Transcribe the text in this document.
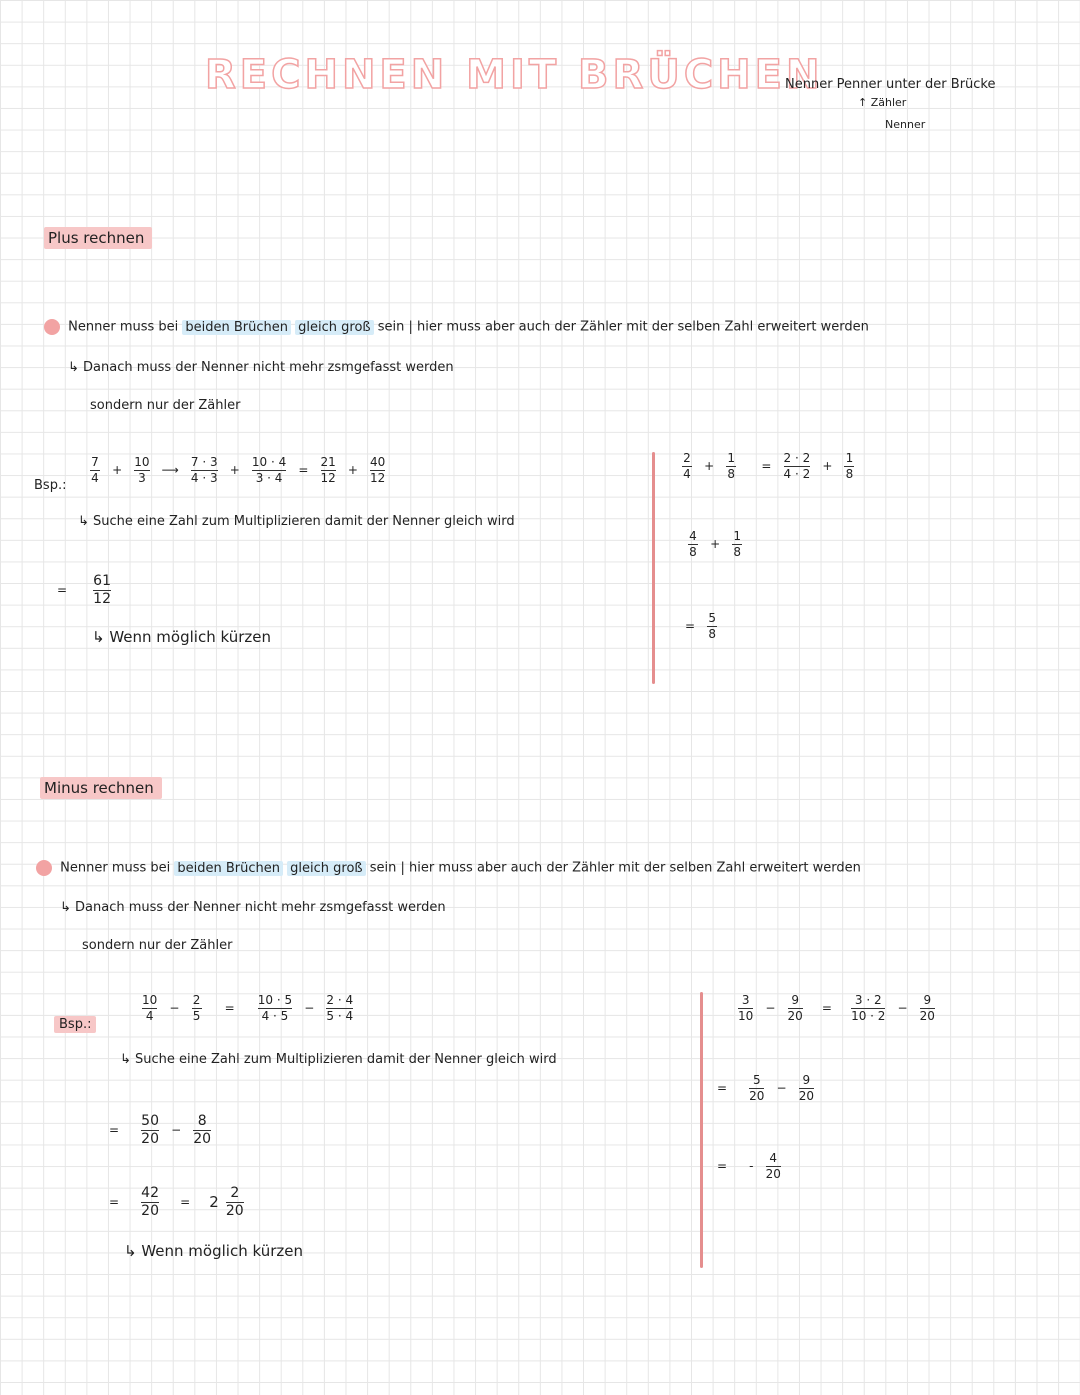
RECHNEN MIT BRÜCHEN
Nenner Penner unter der Brücke
↑ Zähler
Nenner
Plus rechnen
Nenner muss bei beiden Brüchen gleich groß sein | hier muss aber auch der Zähler mit der selben Zahl erweitert werden
↳ Danach muss der Nenner nicht mehr zsmgefasst werden
sondern nur der Zähler
Bsp.:
$\frac{7}{4} + \frac{10}{3}$ ⟶ $\frac{7 \cdot 3}{4 \cdot 3} + \frac{10 \cdot 4}{3 \cdot 4} = \frac{21}{12} + \frac{40}{12}$
↳ Suche eine Zahl zum Multiplizieren damit der Nenner gleich wird
= $\frac{61}{12}$
↳ Wenn möglich kürzen
$\frac{2}{4} + \frac{1}{8} = \frac{2 \cdot 2}{4 \cdot 2} + \frac{1}{8}$
$\frac{4}{8} + \frac{1}{8}$
= $\frac{5}{8}$
Minus rechnen
Nenner muss bei beiden Brüchen gleich groß sein | hier muss aber auch der Zähler mit der selben Zahl erweitert werden
↳ Danach muss der Nenner nicht mehr zsmgefasst werden
sondern nur der Zähler
Bsp.:
$\frac{10}{4} - \frac{2}{5} = \frac{10 \cdot 5}{4 \cdot 5} - \frac{2 \cdot 4}{5 \cdot 4}$
↳ Suche eine Zahl zum Multiplizieren damit der Nenner gleich wird
= $\frac{50}{20} - \frac{8}{20}$
= $\frac{42}{20} = 2 \frac{2}{20}$
↳ Wenn möglich kürzen
$\frac{3}{10} - \frac{9}{20} = \frac{3 \cdot 2}{10 \cdot 2} - \frac{9}{20}$
= $\frac{5}{20} - \frac{9}{20}$
= - $\frac{4}{20}$
